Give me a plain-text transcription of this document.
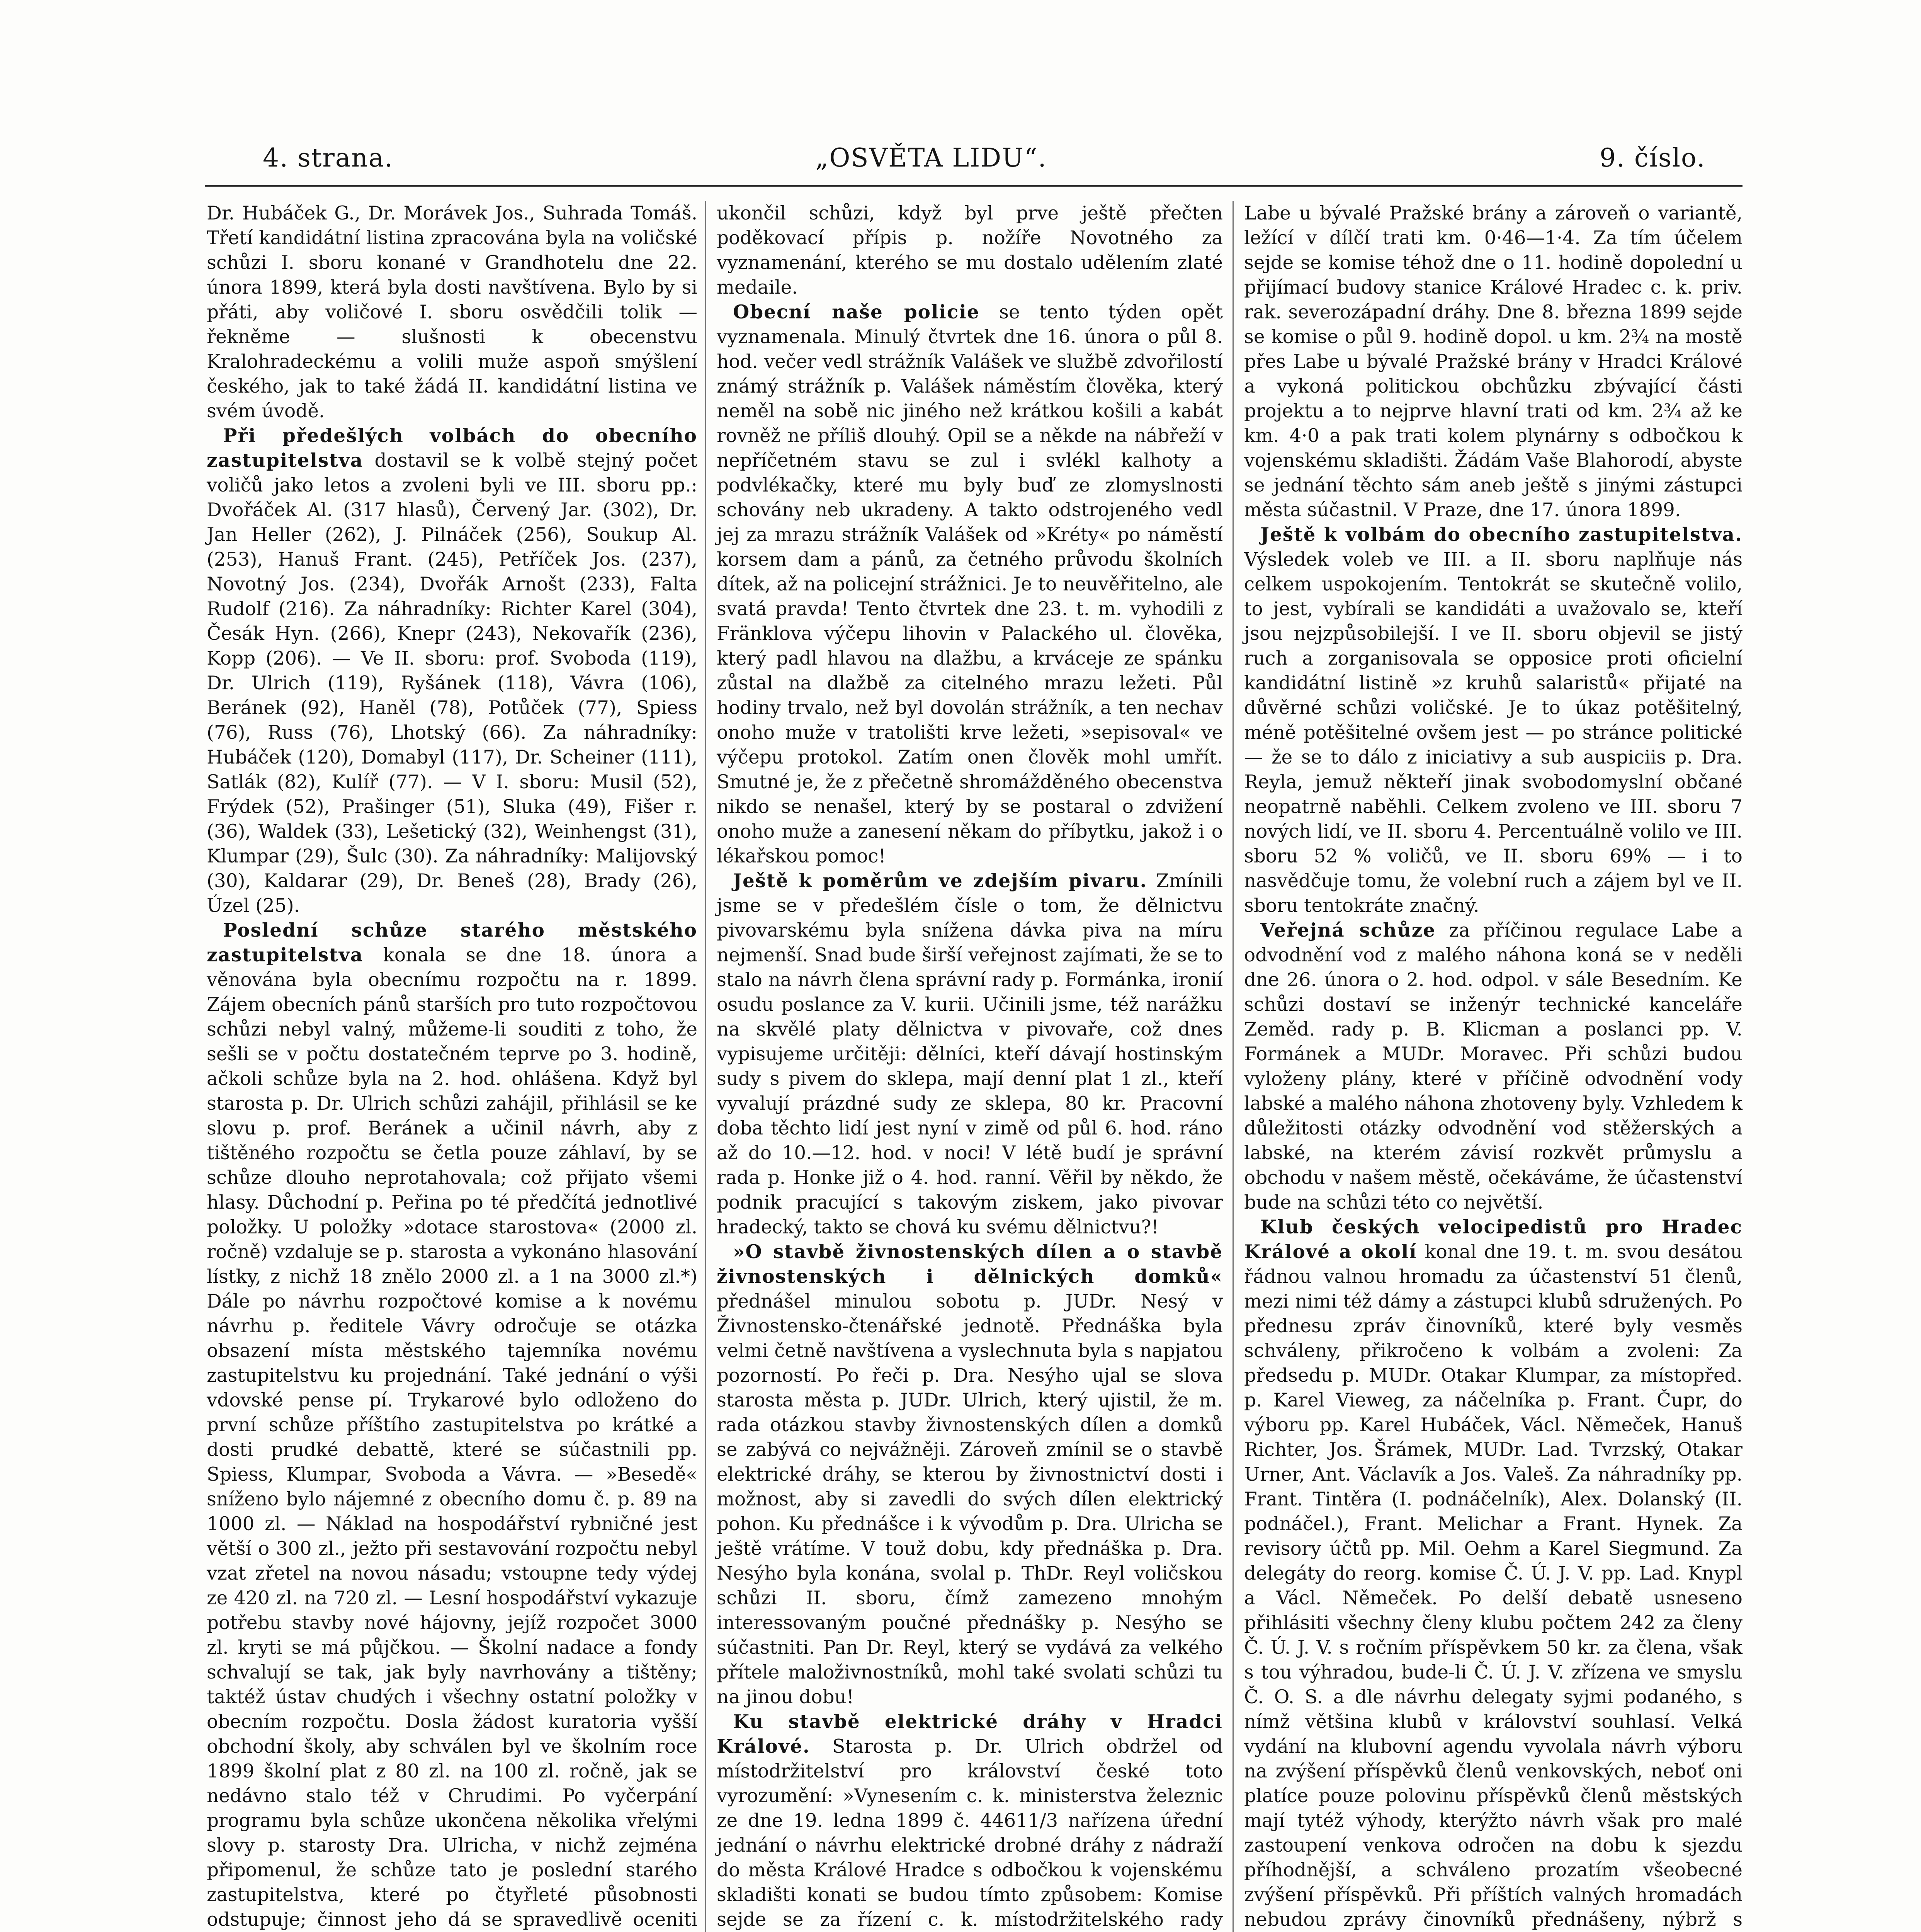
4. strana.	„OSVĚTA LIDU“.	9. číslo.

Dr. Hubáček G., Dr. Morávek Jos., Suhrada Tomáš. Třetí kandidátní listina zpracována byla na voličské schůzi I. sboru konané v Grandhotelu dne 22. února 1899, která byla dosti navštívena. Bylo by si přáti, aby voličové I. sboru osvědčili tolik — řekněme — slušnosti k obecenstvu Kralohradeckému a volili muže aspoň smýšlení českého, jak to také žádá II. kandidátní listina ve svém úvodě.

Při předešlých volbách do obecního zastupitelstva dostavil se k volbě stejný počet voličů jako letos a zvoleni byli ve III. sboru pp.: Dvořáček Al. (317 hlasů), Červený Jar. (302), Dr. Jan Heller (262), J. Pilnáček (256), Soukup Al. (253), Hanuš Frant. (245), Petříček Jos. (237), Novotný Jos. (234), Dvořák Arnošt (233), Falta Rudolf (216). Za náhradníky: Richter Karel (304), Česák Hyn. (266), Knepr (243), Nekovařík (236), Kopp (206). — Ve II. sboru: prof. Svoboda (119), Dr. Ulrich (119), Ryšánek (118), Vávra (106), Beránek (92), Haněl (78), Potůček (77), Spiess (76), Russ (76), Lhotský (66). Za náhradníky: Hubáček (120), Domabyl (117), Dr. Scheiner (111), Satlák (82), Kulíř (77). — V I. sboru: Musil (52), Frýdek (52), Prašinger (51), Sluka (49), Fišer r. (36), Waldek (33), Lešetický (32), Weinhengst (31), Klumpar (29), Šulc (30). Za náhradníky: Malijovský (30), Kaldarar (29), Dr. Beneš (28), Brady (26), Úzel (25).

Poslední schůze starého městského zastupitelstva konala se dne 18. února a věnována byla obecnímu rozpočtu na r. 1899. Zájem obecních pánů starších pro tuto rozpočtovou schůzi nebyl valný, můžeme-li souditi z toho, že sešli se v počtu dostatečném teprve po 3. hodině, ačkoli schůze byla na 2. hod. ohlášena. Když byl starosta p. Dr. Ulrich schůzi zahájil, přihlásil se ke slovu p. prof. Beránek a učinil návrh, aby z tištěného rozpočtu se četla pouze záhlaví, by se schůze dlouho neprotahovala; což přijato všemi hlasy. Důchodní p. Peřina po té předčítá jednotlivé položky. U položky »dotace starostova« (2000 zl. ročně) vzdaluje se p. starosta a vykonáno hlasování lístky, z nichž 18 znělo 2000 zl. a 1 na 3000 zl.*) Dále po návrhu rozpočtové komise a k novému návrhu p. ředitele Vávry odročuje se otázka obsazení místa městského tajemníka novému zastupitelstvu ku projednání. Také jednání o výši vdovské pense pí. Trykarové bylo odloženo do první schůze příštího zastupitelstva po krátké a dosti prudké debattě, které se súčastnili pp. Spiess, Klumpar, Svoboda a Vávra. — »Besedě« sníženo bylo nájemné z obecního domu č. p. 89 na 1000 zl. — Náklad na hospodářství rybničné jest větší o 300 zl., ježto při sestavování rozpočtu nebyl vzat zřetel na novou násadu; vstoupne tedy výdej ze 420 zl. na 720 zl. — Lesní hospodářství vykazuje potřebu stavby nové hájovny, jejíž rozpočet 3000 zl. kryti se má půjčkou. — Školní nadace a fondy schvalují se tak, jak byly navrhovány a tištěny; taktéž ústav chudých i všechny ostatní položky v obecním rozpočtu. Dosla žádost kuratoria vyšší obchodní školy, aby schválen byl ve školním roce 1899 školní plat z 80 zl. na 100 zl. ročně, jak se nedávno stalo též v Chrudimi. Po vyčerpání programu byla schůze ukončena několika vřelými slovy p. starosty Dra. Ulricha, v nichž zejména připomenul, že schůze tato je poslední starého zastupitelstva, které po čtyřleté působnosti odstupuje; činnost jeho dá se spravedlivě oceniti

ukončil schůzi, když byl prve ještě přečten poděkovací přípis p. nožíře Novotného za vyznamenání, kterého se mu dostalo udělením zlaté medaile.

Obecní naše policie se tento týden opět vyznamenala. Minulý čtvrtek dne 16. února o půl 8. hod. večer vedl strážník Valášek ve službě zdvořilostí známý strážník p. Valášek náměstím člověka, který neměl na sobě nic jiného než krátkou košili a kabát rovněž ne příliš dlouhý. Opil se a někde na nábřeží v nepříčetném stavu se zul i svlékl kalhoty a podvlékačky, které mu byly buď ze zlomyslnosti schovány neb ukradeny. A takto odstrojeného vedl jej za mrazu strážník Valášek od »Kréty« po náměstí korsem dam a pánů, za četného průvodu školních dítek, až na policejní strážnici. Je to neuvěřitelno, ale svatá pravda! Tento čtvrtek dne 23. t. m. vyhodili z Fränklova výčepu lihovin v Palackého ul. člověka, který padl hlavou na dlažbu, a krváceje ze spánku zůstal na dlažbě za citelného mrazu ležeti. Půl hodiny trvalo, než byl dovolán strážník, a ten nechav onoho muže v tratolišti krve ležeti, »sepisoval« ve výčepu protokol. Zatím onen člověk mohl umřít. Smutné je, že z přečetně shromážděného obecenstva nikdo se nenašel, který by se postaral o zdvižení onoho muže a zanesení někam do příbytku, jakož i o lékařskou pomoc!

Ještě k poměrům ve zdejším pivaru. Zmínili jsme se v předešlém čísle o tom, že dělnictvu pivovarskému byla snížena dávka piva na míru nejmenší. Snad bude širší veřejnost zajímati, že se to stalo na návrh člena správní rady p. Formánka, ironií osudu poslance za V. kurii. Učinili jsme, též narážku na skvělé platy dělnictva v pivovaře, což dnes vypisujeme určitěji: dělníci, kteří dávají hostinským sudy s pivem do sklepa, mají denní plat 1 zl., kteří vyvalují prázdné sudy ze sklepa, 80 kr. Pracovní doba těchto lidí jest nyní v zimě od půl 6. hod. ráno až do 10.—12. hod. v noci! V létě budí je správní rada p. Honke již o 4. hod. ranní. Věřil by někdo, že podnik pracující s takovým ziskem, jako pivovar hradecký, takto se chová ku svému dělnictvu?!

»O stavbě živnostenských dílen a o stavbě živnostenských i dělnických domků« přednášel minulou sobotu p. JUDr. Nesý v Živnostensko-čtenářské jednotě. Přednáška byla velmi četně navštívena a vyslechnuta byla s napjatou pozorností. Po řeči p. Dra. Nesýho ujal se slova starosta města p. JUDr. Ulrich, který ujistil, že m. rada otázkou stavby živnostenských dílen a domků se zabývá co nejvážněji. Zároveň zmínil se o stavbě elektrické dráhy, se kterou by živnostnictví dosti i možnost, aby si zavedli do svých dílen elektrický pohon. Ku přednášce i k vývodům p. Dra. Ulricha se ještě vrátíme. V touž dobu, kdy přednáška p. Dra. Nesýho byla konána, svolal p. ThDr. Reyl voličskou schůzi II. sboru, čímž zamezeno mnohým interessovaným poučné přednášky p. Nesýho se súčastniti. Pan Dr. Reyl, který se vydává za velkého přítele maloživnostníků, mohl také svolati schůzi tu na jinou dobu!

Ku stavbě elektrické dráhy v Hradci Králové. Starosta p. Dr. Ulrich obdržel od místodržitelství pro království české toto vyrozumění: »Vynesením c. k. ministerstva železnic ze dne 19. ledna 1899 č. 44611/3 nařízena úřední jednání o návrhu elektrické drobné dráhy z nádraží do města Králové Hradce s odbočkou k vojenskému skladišti konati se budou tímto způsobem: Komise sejde se za řízení c. k. místodržitelského rady

Labe u bývalé Pražské brány a zároveň o variantě, ležící v dílčí trati km. 0·46—1·4. Za tím účelem sejde se komise téhož dne o 11. hodině dopolední u přijímací budovy stanice Králové Hradec c. k. priv. rak. severozápadní dráhy. Dne 8. března 1899 sejde se komise o půl 9. hodině dopol. u km. 2¾ na mostě přes Labe u bývalé Pražské brány v Hradci Králové a vykoná politickou obchůzku zbývající části projektu a to nejprve hlavní trati od km. 2¾ až ke km. 4·0 a pak trati kolem plynárny s odbočkou k vojenskému skladišti. Žádám Vaše Blahorodí, abyste se jednání těchto sám aneb ještě s jinými zástupci města súčastnil. V Praze, dne 17. února 1899.

Ještě k volbám do obecního zastupitelstva. Výsledek voleb ve III. a II. sboru naplňuje nás celkem uspokojením. Tentokrát se skutečně volilo, to jest, vybírali se kandidáti a uvažovalo se, kteří jsou nejzpůsobilejší. I ve II. sboru objevil se jistý ruch a zorganisovala se opposice proti oficielní kandidátní listině »z kruhů salaristů« přijaté na důvěrné schůzi voličské. Je to úkaz potěšitelný, méně potěšitelné ovšem jest — po stránce politické — že se to dálo z iniciativy a sub auspiciis p. Dra. Reyla, jemuž někteří jinak svobodomyslní občané neopatrně naběhli. Celkem zvoleno ve III. sboru 7 nových lidí, ve II. sboru 4. Percentuálně volilo ve III. sboru 52 % voličů, ve II. sboru 69% — i to nasvědčuje tomu, že volební ruch a zájem byl ve II. sboru tentokráte značný.

Veřejná schůze za příčinou regulace Labe a odvodnění vod z malého náhona koná se v neděli dne 26. února o 2. hod. odpol. v sále Besedním. Ke schůzi dostaví se inženýr technické kanceláře Zeměd. rady p. B. Klicman a poslanci pp. V. Formánek a MUDr. Moravec. Při schůzi budou vyloženy plány, které v příčině odvodnění vody labské a malého náhona zhotoveny byly. Vzhledem k důležitosti otázky odvodnění vod stěžerských a labské, na kterém závisí rozkvět průmyslu a obchodu v našem městě, očekáváme, že účastenství bude na schůzi této co největší.

Klub českých velocipedistů pro Hradec Králové a okolí konal dne 19. t. m. svou desátou řádnou valnou hromadu za účastenství 51 členů, mezi nimi též dámy a zástupci klubů sdružených. Po přednesu zpráv činovníků, které byly vesměs schváleny, přikročeno k volbám a zvoleni: Za předsedu p. MUDr. Otakar Klumpar, za místopřed. p. Karel Vieweg, za náčelníka p. Frant. Čupr, do výboru pp. Karel Hubáček, Václ. Němeček, Hanuš Richter, Jos. Šrámek, MUDr. Lad. Tvrzský, Otakar Urner, Ant. Václavík a Jos. Valeš. Za náhradníky pp. Frant. Tintěra (I. podnáčelník), Alex. Dolanský (II. podnáčel.), Frant. Melichar a Frant. Hynek. Za revisory účtů pp. Mil. Oehm a Karel Siegmund. Za delegáty do reorg. komise Č. Ú. J. V. pp. Lad. Knypl a Václ. Němeček. Po delší debatě usneseno přihlásiti všechny členy klubu počtem 242 za členy Č. Ú. J. V. s ročním příspěvkem 50 kr. za člena, však s tou výhradou, bude-li Č. Ú. J. V. zřízena ve smyslu Č. O. S. a dle návrhu delegaty syjmi podaného, s nímž většina klubů v království souhlasí. Velká vydání na klubovní agendu vyvolala návrh výboru na zvýšení příspěvků členů venkovských, neboť oni platíce pouze polovinu příspěvků členů městských mají tytéž výhody, kterýžto návrh však pro malé zastoupení venkova odročen na dobu k sjezdu příhodnější, a schváleno prozatím všeobecné zvýšení příspěvků. Při příštích valných hromadách nebudou zprávy činovníků přednášeny, nýbrž s
